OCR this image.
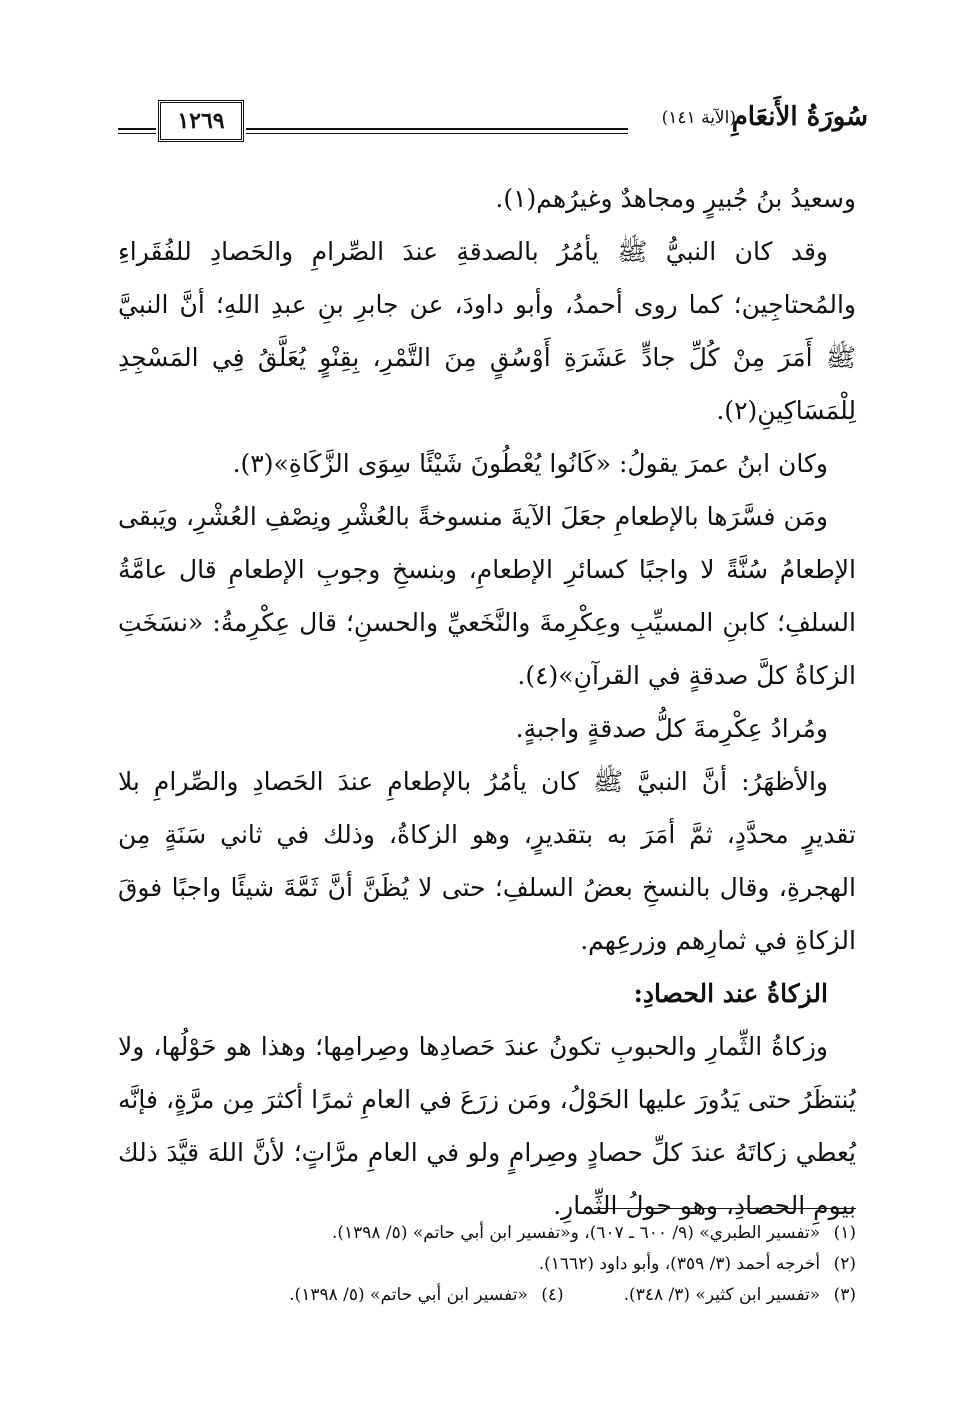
سُورَةُ الأَنعَامِ
(الآية ١٤١)
١٢٦٩

وسعيدُ بنُ جُبيرٍ ومجاهدٌ وغيرُهم(١).

وقد كان النبيُّ ﷺ يأمُرُ بالصدقةِ عندَ الصِّرامِ والحَصادِ للفُقَراءِ والمُحتاجِين؛ كما روى أحمدُ، وأبو داودَ، عن جابرِ بنِ عبدِ اللهِ؛ أنَّ النبيَّ ﷺ أَمَرَ مِنْ كُلِّ جادٍّ عَشَرَةِ أَوْسُقٍ مِنَ التَّمْرِ، بِقِنْوٍ يُعَلَّقُ فِي المَسْجِدِ لِلْمَسَاكِينِ(٢).

وكان ابنُ عمرَ يقولُ: «كَانُوا يُعْطُونَ شَيْئًا سِوَى الزَّكَاةِ»(٣).

ومَن فسَّرَها بالإطعامِ جعَلَ الآيةَ منسوخةً بالعُشْرِ ونِصْفِ العُشْرِ، ويَبقى الإطعامُ سُنَّةً لا واجبًا كسائرِ الإطعامِ، وبنسخِ وجوبِ الإطعامِ قال عامَّةُ السلفِ؛ كابنِ المسيِّبِ وعِكْرِمةَ والنَّخَعيِّ والحسنِ؛ قال عِكْرِمةُ: «نسَخَتِ الزكاةُ كلَّ صدقةٍ في القرآنِ»(٤).

ومُرادُ عِكْرِمةَ كلُّ صدقةٍ واجبةٍ.

والأظهَرُ: أنَّ النبيَّ ﷺ كان يأمُرُ بالإطعامِ عندَ الحَصادِ والصِّرامِ بلا تقديرٍ محدَّدٍ، ثمَّ أمَرَ به بتقديرٍ، وهو الزكاةُ، وذلك في ثاني سَنَةٍ مِن الهجرةِ، وقال بالنسخِ بعضُ السلفِ؛ حتى لا يُظَنَّ أنَّ ثَمَّةَ شيئًا واجبًا فوقَ الزكاةِ في ثمارِهم وزرعِهم.

الزكاةُ عند الحصادِ:

وزكاةُ الثِّمارِ والحبوبِ تكونُ عندَ حَصادِها وصِرامِها؛ وهذا هو حَوْلُها، ولا يُنتظَرُ حتى يَدُورَ عليها الحَوْلُ، ومَن زرَعَ في العامِ ثمرًا أكثرَ مِن مرَّةٍ، فإنَّه يُعطي زكاتَهُ عندَ كلِّ حصادٍ وصِرامٍ ولو في العامِ مرَّاتٍ؛ لأنَّ اللهَ قيَّدَ ذلك بيومِ الحصادِ، وهو حولُ الثِّمارِ.

(١) «تفسير الطبري» (٩/ ٦٠٠ ـ ٦٠٧)، و«تفسير ابن أبي حاتم» (٥/ ١٣٩٨).
(٢) أخرجه أحمد (٣/ ٣٥٩)، وأبو داود (١٦٦٢).
(٣) «تفسير ابن كثير» (٣/ ٣٤٨).
(٤) «تفسير ابن أبي حاتم» (٥/ ١٣٩٨).
